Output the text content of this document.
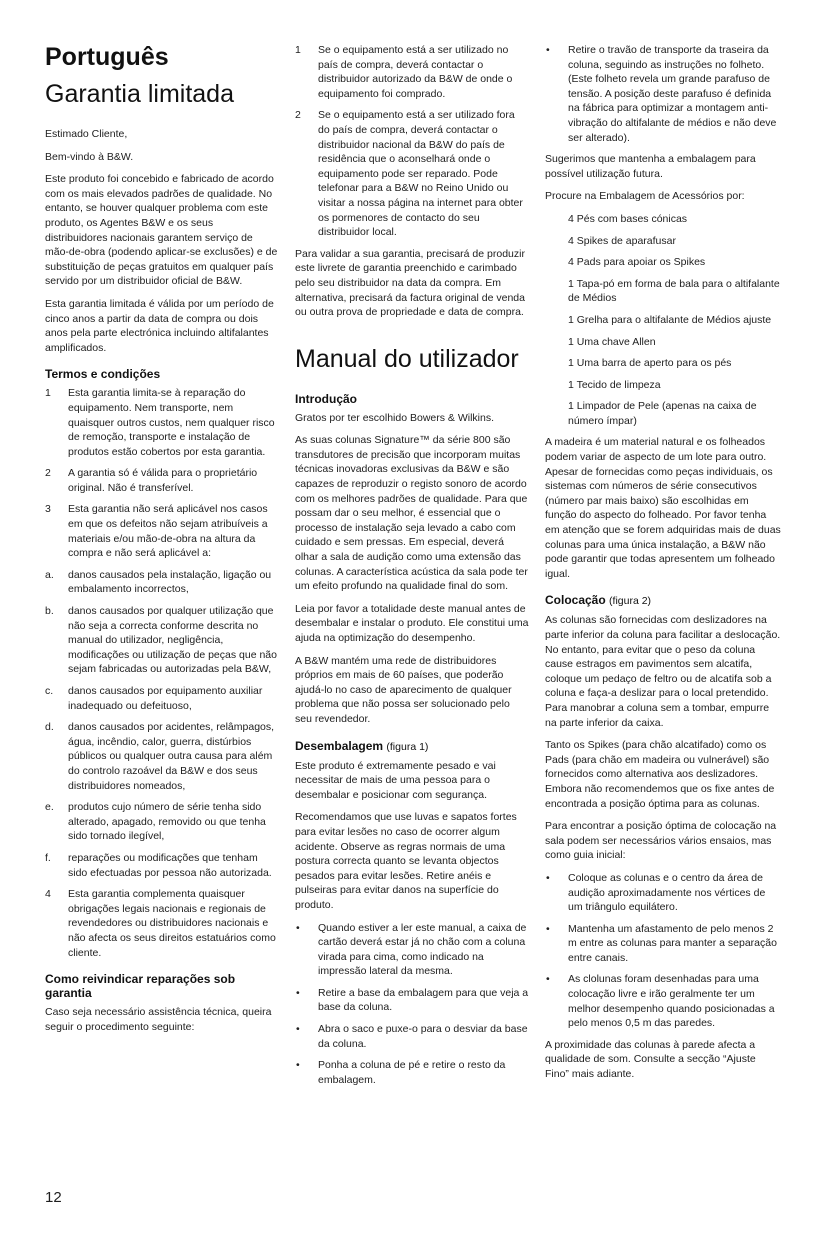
Português
Garantia limitada

Estimado Cliente,

Bem-vindo à B&W.

Este produto foi concebido e fabricado de acordo com os mais elevados padrões de qualidade. No entanto, se houver qualquer problema com este produto, os Agentes B&W e os seus distribuidores nacionais garantem serviço de mão-de-obra (podendo aplicar-se exclusões) e de substituição de peças gratuitos em qualquer país servido por um distribuidor oficial de B&W.

Esta garantia limitada é válida por um período de cinco anos a partir da data de compra ou dois anos pela parte electrónica incluindo altifalantes amplificados.

Termos e condições
1 Esta garantia limita-se à reparação do equipamento. Nem transporte, nem quaisquer outros custos, nem qualquer risco de remoção, transporte e instalação de produtos estão cobertos por esta garantia.
2 A garantia só é válida para o proprietário original. Não é transferível.
3 Esta garantia não será aplicável nos casos em que os defeitos não sejam atribuíveis a materiais e/ou mão-de-obra na altura da compra e não será aplicável a:
a. danos causados pela instalação, ligação ou embalamento incorrectos,
b. danos causados por qualquer utilização que não seja a correcta conforme descrita no manual do utilizador, negligência, modificações ou utilização de peças que não sejam fabricadas ou autorizadas pela B&W,
c. danos causados por equipamento auxiliar inadequado ou defeituoso,
d. danos causados por acidentes, relâmpagos, água, incêndio, calor, guerra, distúrbios públicos ou qualquer outra causa para além do controlo razoável da B&W e dos seus distribuidores nomeados,
e. produtos cujo número de série tenha sido alterado, apagado, removido ou que tenha sido tornado ilegível,
f. reparações ou modificações que tenham sido efectuadas por pessoa não autorizada.
4 Esta garantia complementa quaisquer obrigações legais nacionais e regionais de revendedores ou distribuidores nacionais e não afecta os seus direitos estatuários como cliente.
Como reivindicar reparações sob garantia

Caso seja necessário assistência técnica, queira seguir o procedimento seguinte:

1 Se o equipamento está a ser utilizado no país de compra, deverá contactar o distribuidor autorizado da B&W de onde o equipamento foi comprado.
2 Se o equipamento está a ser utilizado fora do país de compra, deverá contactar o distribuidor nacional da B&W do país de residência que o aconselhará onde o equipamento pode ser reparado. Pode telefonar para a B&W no Reino Unido ou visitar a nossa página na internet para obter os pormenores de contacto do seu distribuidor local.

Para validar a sua garantia, precisará de produzir este livrete de garantia preenchido e carimbado pelo seu distribuidor na data da compra. Em alternativa, precisará da factura original de venda ou outra prova de propriedade e data de compra.

Manual do utilizador
Introdução

Gratos por ter escolhido Bowers & Wilkins.

As suas colunas Signature™ da série 800 são transdutores de precisão que incorporam muitas técnicas inovadoras exclusivas da B&W e são capazes de reproduzir o registo sonoro de acordo com os melhores padrões de qualidade. Para que possam dar o seu melhor, é essencial que o processo de instalação seja levado a cabo com cuidado e sem pressas. Em especial, deverá olhar a sala de audição como uma extensão das colunas. A característica acústica da sala pode ter um efeito profundo na qualidade final do som.

Leia por favor a totalidade deste manual antes de desembalar e instalar o produto. Ele constitui uma ajuda na optimização do desempenho.

A B&W mantém uma rede de distribuidores próprios em mais de 60 países, que poderão ajudá-lo no caso de aparecimento de qualquer problema que não possa ser solucionado pelo seu revendedor.

Desembalagem (figura 1)

Este produto é extremamente pesado e vai necessitar de mais de uma pessoa para o desembalar e posicionar com segurança.

Recomendamos que use luvas e sapatos fortes para evitar lesões no caso de ocorrer algum acidente. Observe as regras normais de uma postura correcta quanto se levanta objectos pesados para evitar lesões. Retire anéis e pulseiras para evitar danos na superfície do produto.

• Quando estiver a ler este manual, a caixa de cartão deverá estar já no chão com a coluna virada para cima, como indicado na impressão lateral da mesma.
• Retire a base da embalagem para que veja a base da coluna.
• Abra o saco e puxe-o para o desviar da base da coluna.
• Ponha a coluna de pé e retire o resto da embalagem.
• Retire o travão de transporte da traseira da coluna, seguindo as instruções no folheto. (Este folheto revela um grande parafuso de tensão. A posição deste parafuso é definida na fábrica para optimizar a montagem anti-vibração do altifalante de médios e não deve ser alterado).

Sugerimos que mantenha a embalagem para possível utilização futura.

Procure na Embalagem de Acessórios por:

4 Pés com bases cónicas
4 Spikes de aparafusar
4 Pads para apoiar os Spikes
1 Tapa-pó em forma de bala para o altifalante de Médios
1 Grelha para o altifalante de Médios ajuste
1 Uma chave Allen
1 Uma barra de aperto para os pés
1 Tecido de limpeza
1 Limpador de Pele (apenas na caixa de número ímpar)

A madeira é um material natural e os folheados podem variar de aspecto de um lote para outro. Apesar de fornecidas como peças individuais, os sistemas com números de série consecutivos (número par mais baixo) são escolhidas em função do aspecto do folheado. Por favor tenha em atenção que se forem adquiridas mais de duas colunas para uma única instalação, a B&W não pode garantir que todas apresentem um folheado igual.

Colocação (figura 2)

As colunas são fornecidas com deslizadores na parte inferior da coluna para facilitar a deslocação. No entanto, para evitar que o peso da coluna cause estragos em pavimentos sem alcatifa, coloque um pedaço de feltro ou de alcatifa sob a coluna e faça-a deslizar para o local pretendido. Para manobrar a coluna sem a tombar, empurre na parte inferior da caixa.

Tanto os Spikes (para chão alcatifado) como os Pads (para chão em madeira ou vulnerável) são fornecidos como alternativa aos deslizadores. Embora não recomendemos que os fixe antes de encontrada a posição óptima para as colunas.

Para encontrar a posição óptima de colocação na sala podem ser necessários vários ensaios, mas como guia inicial:

• Coloque as colunas e o centro da área de audição aproximadamente nos vértices de um triângulo equilátero.
• Mantenha um afastamento de pelo menos 2 m entre as colunas para manter a separação entre canais.
• As clolunas foram desenhadas para uma colocação livre e irão geralmente ter um melhor desempenho quando posicionadas a pelo menos 0,5 m das paredes.

A proximidade das colunas à parede afecta a qualidade de som. Consulte a secção “Ajuste Fino” mais adiante.

12
